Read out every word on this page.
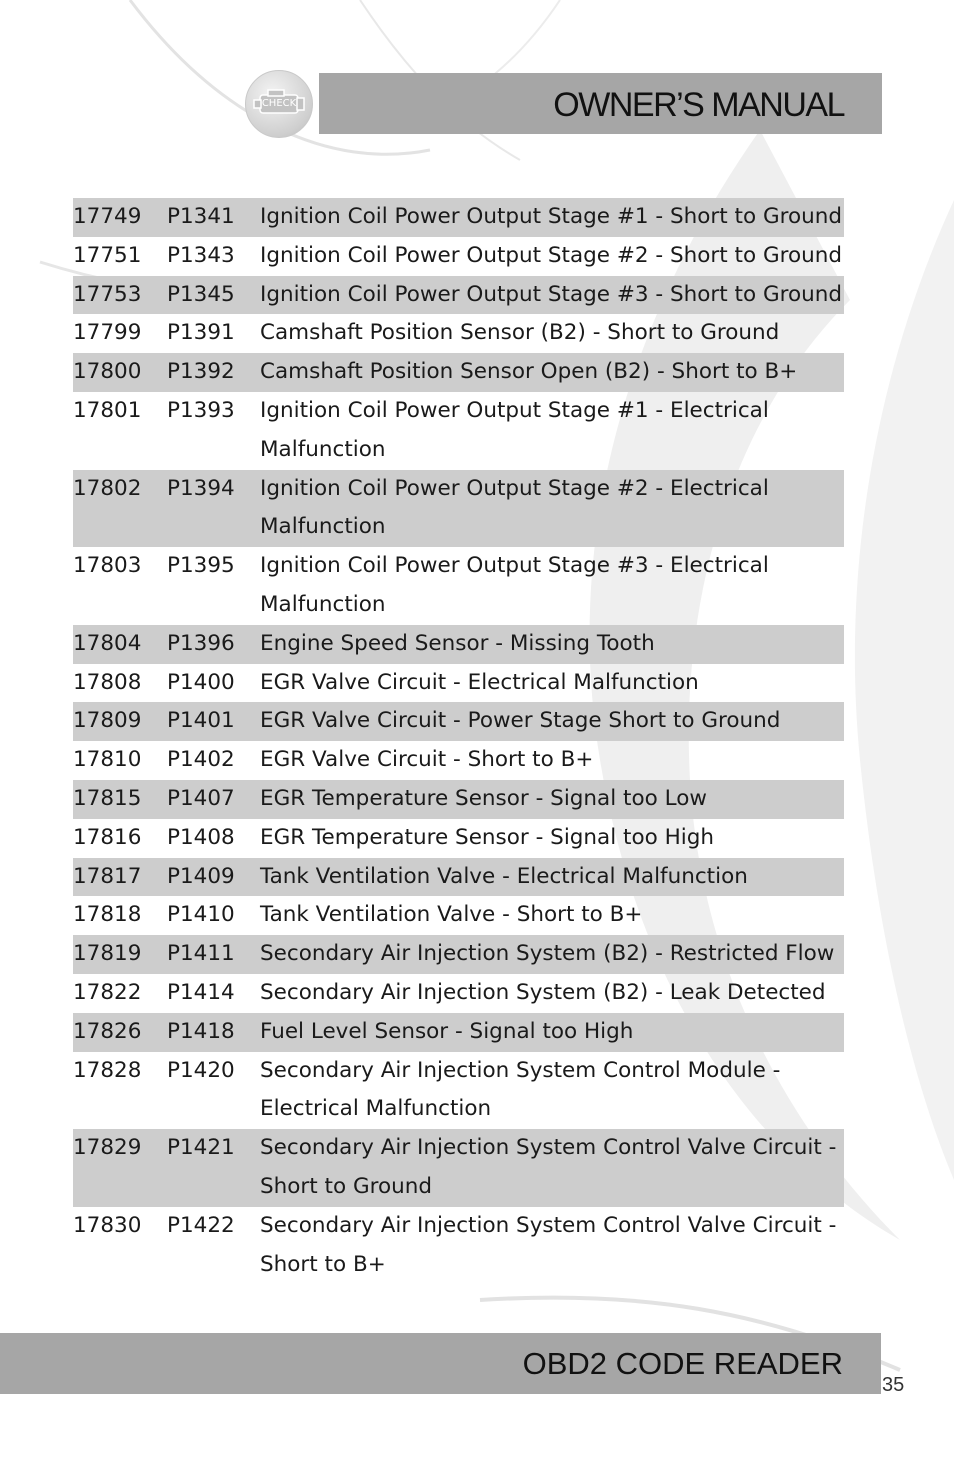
CHECK	OWNER’S MANUAL
17749	P1341	Ignition Coil Power Output Stage #1 - Short to Ground
17751	P1343	Ignition Coil Power Output Stage #2 - Short to Ground
17753	P1345	Ignition Coil Power Output Stage #3 - Short to Ground
17799	P1391	Camshaft Position Sensor (B2) - Short to Ground
17800	P1392	Camshaft Position Sensor Open (B2) - Short to B+
17801	P1393	Ignition Coil Power Output Stage #1 - Electrical
Malfunction
17802	P1394	Ignition Coil Power Output Stage #2 - Electrical
Malfunction
17803	P1395	Ignition Coil Power Output Stage #3 - Electrical
Malfunction
17804	P1396	Engine Speed Sensor - Missing Tooth
17808	P1400	EGR Valve Circuit - Electrical Malfunction
17809	P1401	EGR Valve Circuit - Power Stage Short to Ground
17810	P1402	EGR Valve Circuit - Short to B+
17815	P1407	EGR Temperature Sensor - Signal too Low
17816	P1408	EGR Temperature Sensor - Signal too High
17817	P1409	Tank Ventilation Valve - Electrical Malfunction
17818	P1410	Tank Ventilation Valve - Short to B+
17819	P1411	Secondary Air Injection System (B2) - Restricted Flow
17822	P1414	Secondary Air Injection System (B2) - Leak Detected
17826	P1418	Fuel Level Sensor - Signal too High
17828	P1420	Secondary Air Injection System Control Module -
Electrical Malfunction
17829	P1421	Secondary Air Injection System Control Valve Circuit -
Short to Ground
17830	P1422	Secondary Air Injection System Control Valve Circuit -
Short to B+
OBD2 CODE READER
35
